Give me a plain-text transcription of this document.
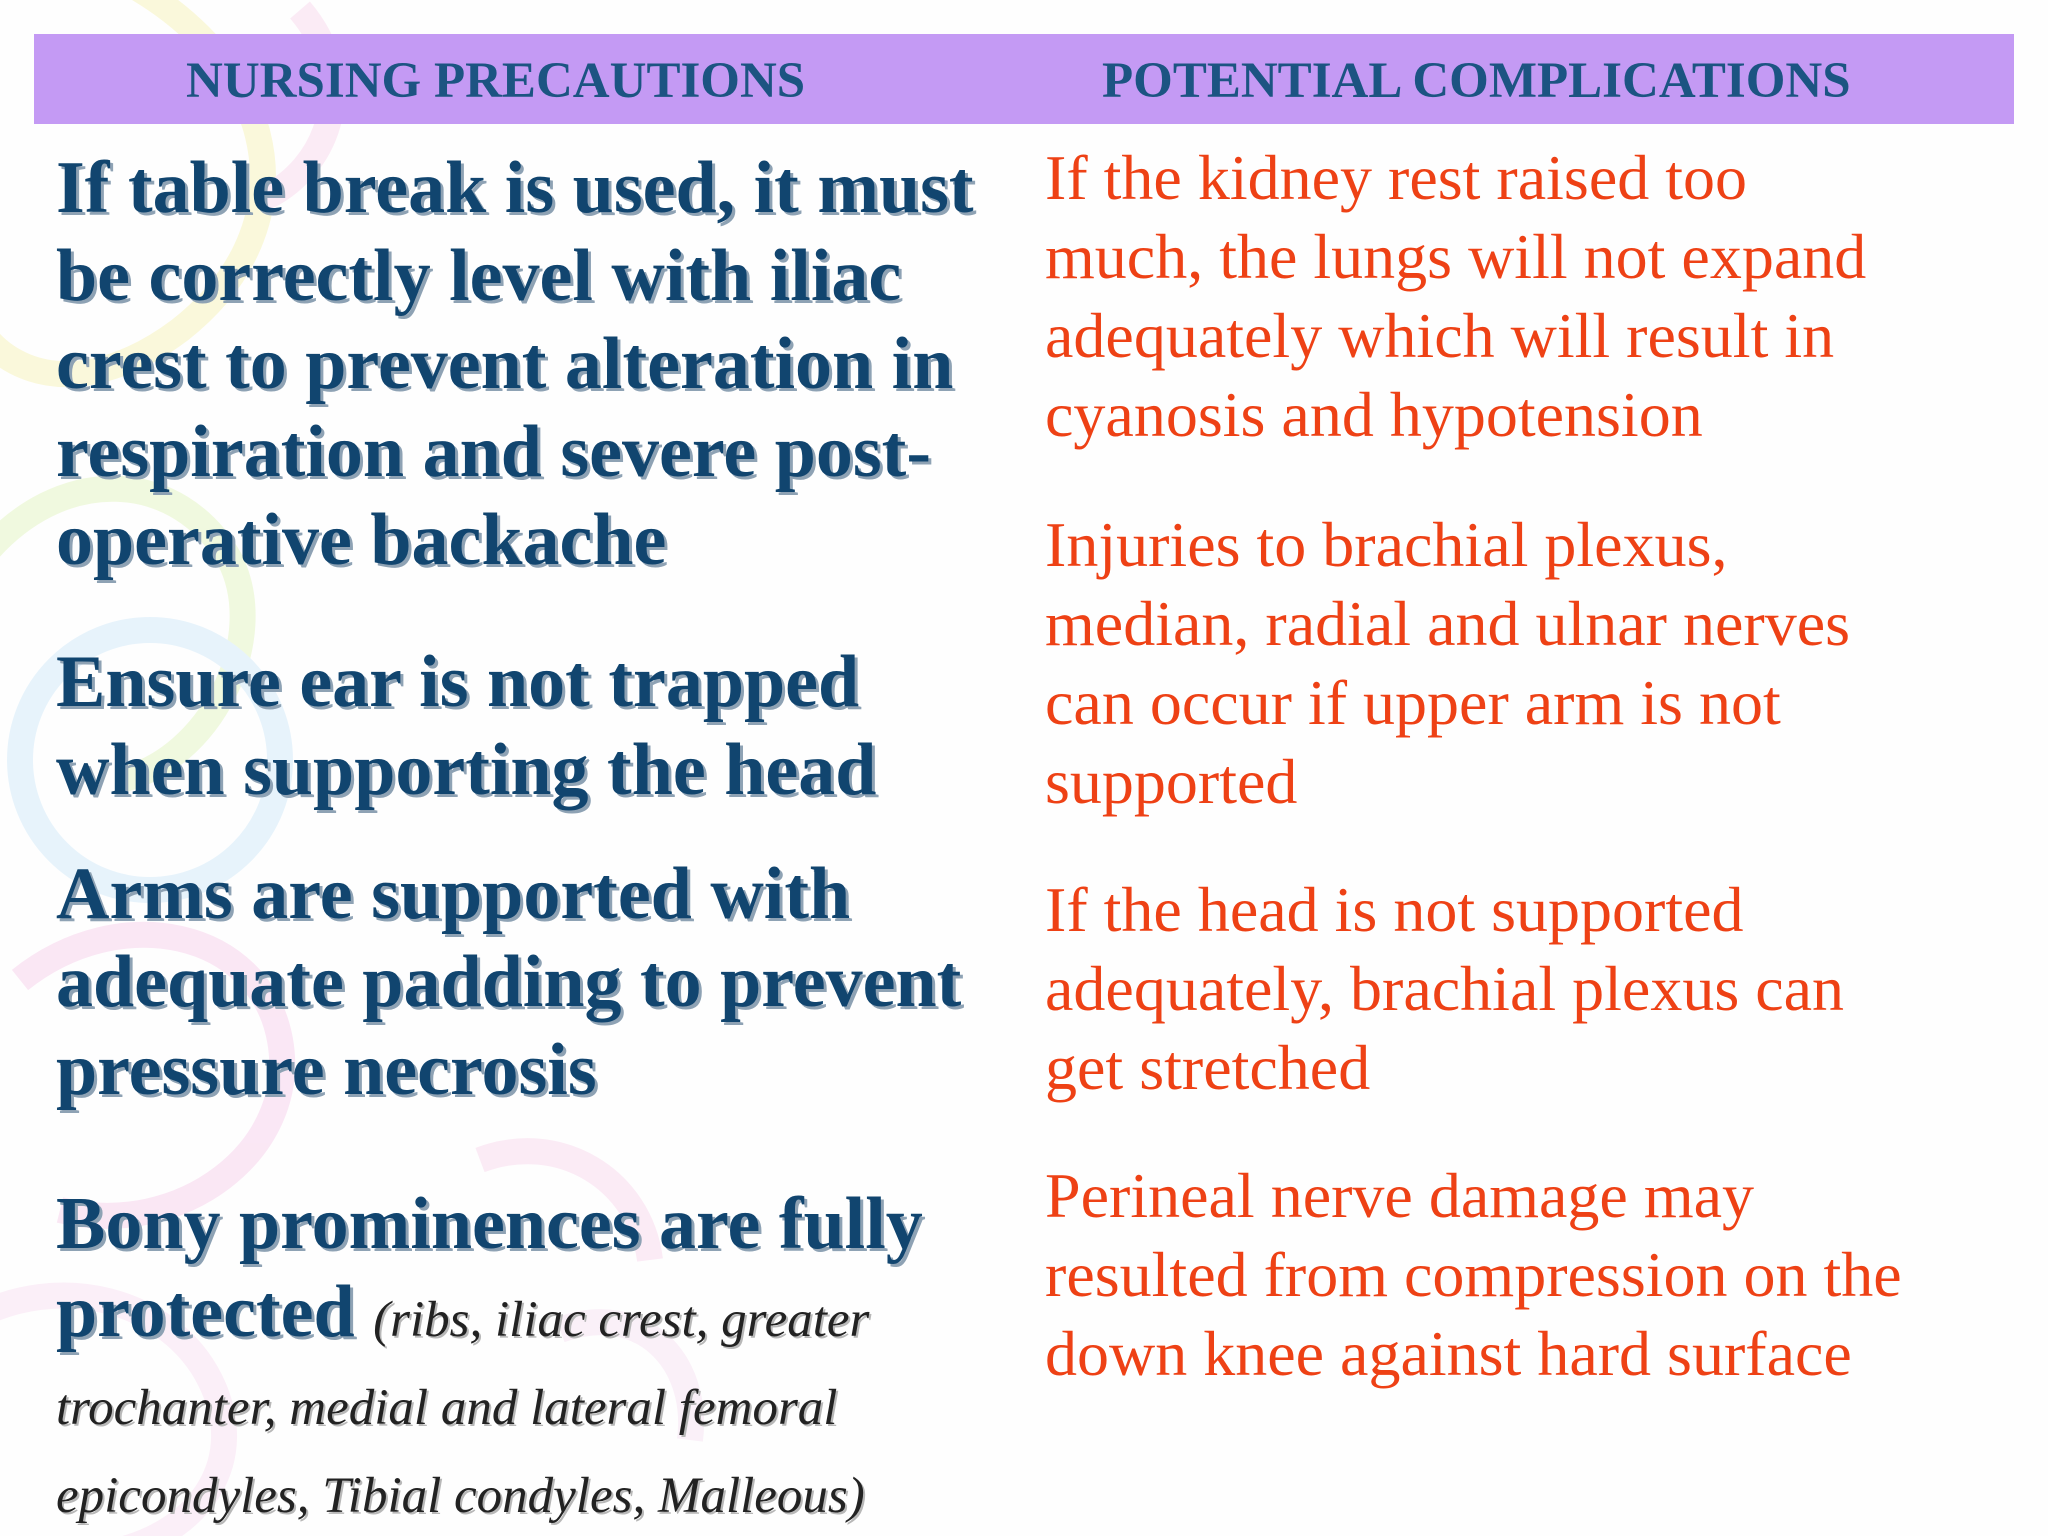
NURSING PRECAUTIONS	POTENTIAL COMPLICATIONS

If table break is used, it must
be correctly level with iliac
crest to prevent alteration in
respiration and severe post-
operative backache

Ensure ear is not trapped
when supporting the head

Arms are supported with
adequate padding to prevent
pressure necrosis

Bony prominences are fully
protected (ribs, iliac crest, greater trochanter, medial and lateral femoral epicondyles, Tibial condyles, Malleous)

If the kidney rest raised too
much, the lungs will not expand
adequately which will result in
cyanosis and hypotension

Injuries to brachial plexus,
median, radial and ulnar nerves
can occur if upper arm is not
supported

If the head is not supported
adequately, brachial plexus can
get stretched

Perineal nerve damage may
resulted from compression on the
down knee against hard surface
